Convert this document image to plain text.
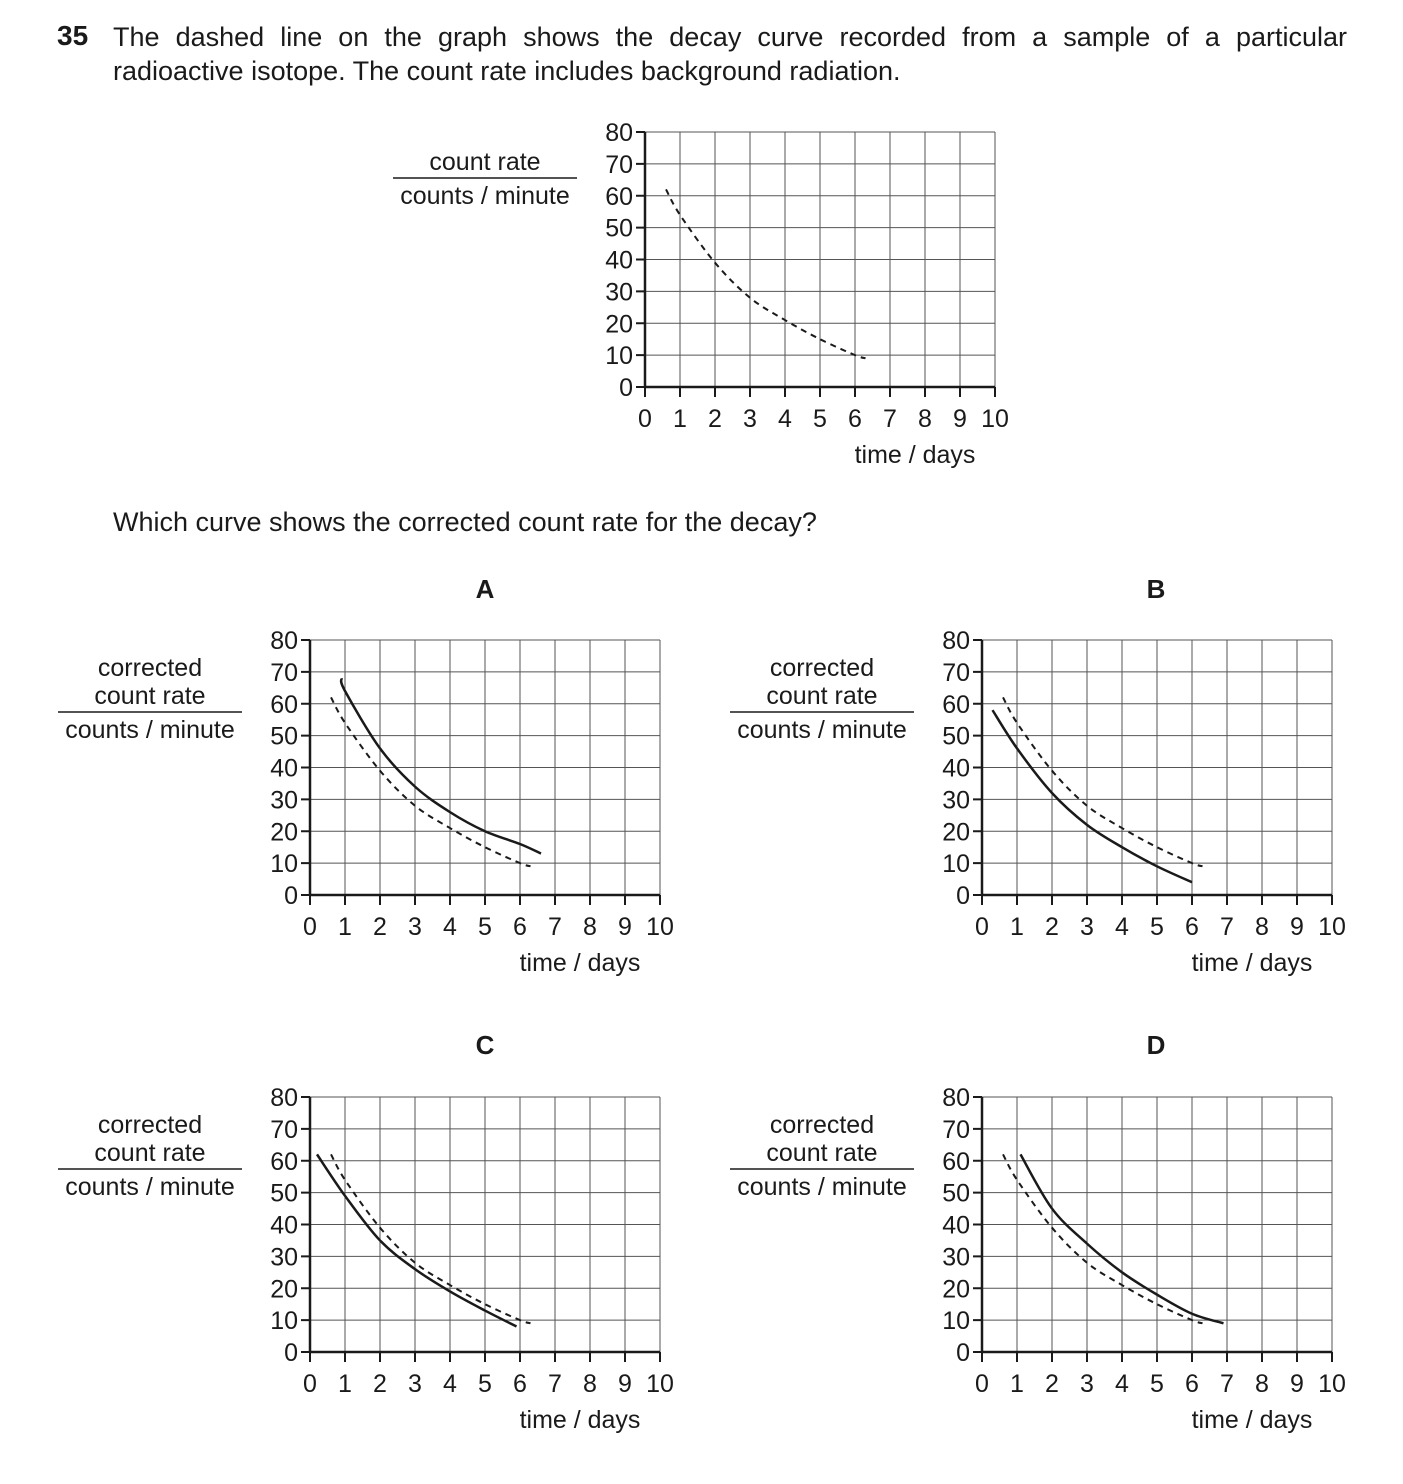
35 The dashed line on the graph shows the decay curve recorded from a sample of a particular
radioactive isotope. The count rate includes background radiation.
Which curve shows the corrected count rate for the decay?
A	B
C	D
0
10
20
30
40
50
60
70
80
0 1 2 3 4 5 6 7 8 9 10
time / days
count rate
counts / minute
0
10
20
30
40
50
60
70
80
0 1 2 3 4 5 6 7 8 9 10
time / days
corrected
count rate
counts / minute
0
10
20
30
40
50
60
70
80
0 1 2 3 4 5 6 7 8 9 10
time / days
corrected
count rate
counts / minute
0
10
20
30
40
50
60
70
80
0 1 2 3 4 5 6 7 8 9 10
time / days
corrected
count rate
counts / minute
0
10
20
30
40
50
60
70
80
0 1 2 3 4 5 6 7 8 9 10
time / days
corrected
count rate
counts / minute
